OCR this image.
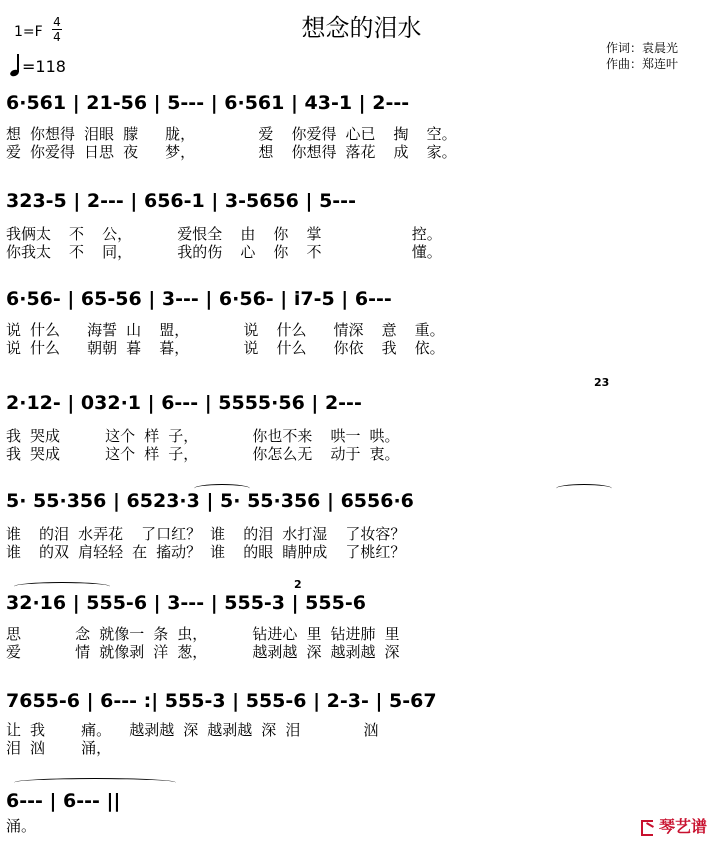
想念的泪水
1=F
4
4
=118
作词：袁晨光
作曲：郑连叶
6·561 | 21-56 | 5--- | 6·561 | 43-1 | 2---
想 你想得 泪眼 朦   胧，       爱  你爱得 心已  掏  空。
爱 你爱得 日思 夜   梦，       想  你想得 落花  成  家。
323-5 | 2--- | 656-1 | 3-5656 | 5---
我俩太  不  公，     爱恨全  由  你  掌          控。
你我太  不  同，     我的伤  心  你  不          懂。
6·56- | 65-56 | 3--- | 6·56- | i7-5 | 6---
说 什么   海誓 山  盟，      说  什么   情深  意  重。
说 什么   朝朝 暮  暮，      说  什么   你依  我  依。
23
2·12- | 032·1 | 6--- | 5555·56 | 2---
我 哭成     这个 样 子，      你也不来  哄一 哄。
我 哭成     这个 样 子，      你怎么无  动于 衷。
5· 55·356 | 6523·3 | 5· 55·356 | 6556·6
谁  的泪 水弄花  了口红？ 谁  的泪 水打湿  了妆容？
谁  的双 肩轻轻 在 搐动？ 谁  的眼 睛肿成  了桃红？
2
32·16 | 555-6 | 3--- | 555-3 | 555-6
思      念 就像一 条 虫，     钻进心 里 钻进肺 里
爱      情 就像剥 洋 葱，     越剥越 深 越剥越 深
7655-6 | 6--- :| 555-3 | 555-6 | 2-3- | 5-67
让 我    痛。  越剥越 深 越剥越 深 泪       汹
泪 汹    涌，
6--- | 6--- ||
涌。	琴艺谱
